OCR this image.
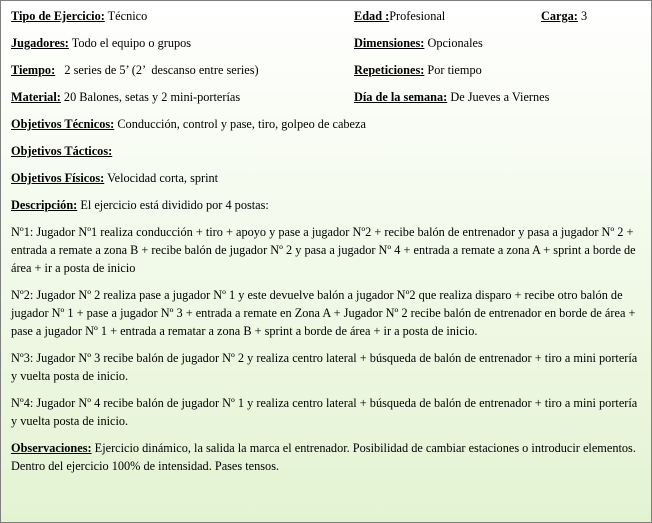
Tipo de Ejercicio: Técnico	Edad :Profesional	Carga: 3
Jugadores: Todo el equipo o grupos	Dimensiones: Opcionales
Tiempo:   2 series de 5’ (2’  descanso entre series)	Repeticiones: Por tiempo
Material: 20 Balones, setas y 2 mini-porterías	Día de la semana: De Jueves a Viernes
Objetivos Técnicos: Conducción, control y pase, tiro, golpeo de cabeza
Objetivos Tácticos:
Objetivos Físicos: Velocidad corta, sprint
Descripción: El ejercicio está dividido por 4 postas:

Nº1: Jugador Nº1 realiza conducción + tiro + apoyo y pase a jugador Nº2 + recibe balón de entrenador y pasa a jugador Nº 2 + entrada a remate a zona B + recibe balón de jugador Nº 2 y pasa a jugador Nº 4 + entrada a remate a zona A + sprint a borde de área + ir a posta de inicio

Nº2: Jugador Nº 2 realiza pase a jugador Nº 1 y este devuelve balón a jugador Nº2 que realiza disparo + recibe otro balón de jugador Nº 1 + pase a jugador Nº 3 + entrada a remate en Zona A + Jugador Nº 2 recibe balón de entrenador en borde de área + pase a jugador Nº 1 + entrada a rematar a zona B + sprint a borde de área + ir a posta de inicio.

Nº3: Jugador Nº 3 recibe balón de jugador Nº 2 y realiza centro lateral + búsqueda de balón de entrenador + tiro a mini portería y vuelta posta de inicio.

Nº4: Jugador Nº 4 recibe balón de jugador Nº 1 y realiza centro lateral + búsqueda de balón de entrenador + tiro a mini portería y vuelta posta de inicio.

Observaciones: Ejercicio dinámico, la salida la marca el entrenador. Posibilidad de cambiar estaciones o introducir elementos. Dentro del ejercicio 100% de intensidad. Pases tensos.
